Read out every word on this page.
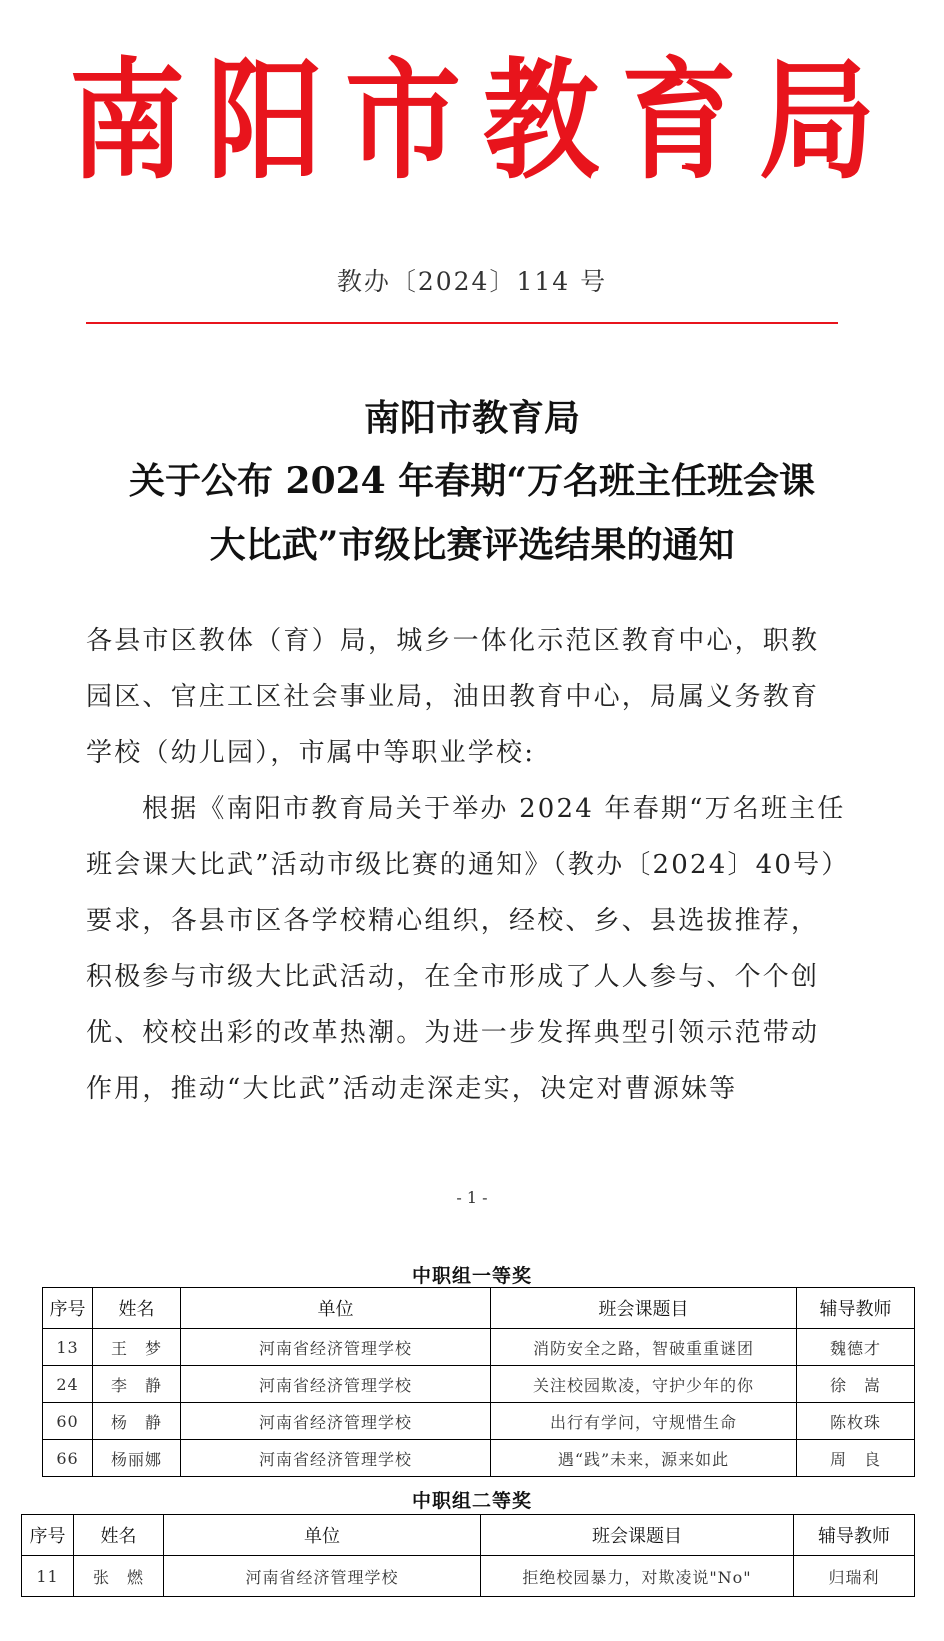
南 阳 市 教 育 局
教办〔2024〕114 号
南阳市教育局
关于公布 2024 年春期“万名班主任班会课
大比武”市级比赛评选结果的通知
各县市区教体（育）局，城乡一体化示范区教育中心，职教园区、官庄工区社会事业局，油田教育中心，局属义务教育学校（幼儿园），市属中等职业学校:
根据《南阳市教育局关于举办 2024 年春期“万名班主任班会课大比武”活动市级比赛的通知》（教办〔2024〕40号）要求，各县市区各学校精心组织，经校、乡、县选拔推荐，积极参与市级大比武活动，在全市形成了人人参与、个个创优、校校出彩的改革热潮。为进一步发挥典型引领示范带动作用，推动“大比武”活动走深走实，决定对曹源妹等
- 1 -
中职组一等奖
序号	姓名	单位	班会课题目	辅导教师
13	王　梦	河南省经济管理学校	消防安全之路，智破重重谜团	魏德才
24	李　静	河南省经济管理学校	关注校园欺凌，守护少年的你	徐　嵩
60	杨　静	河南省经济管理学校	出行有学问，守规惜生命	陈枚珠
66	杨丽娜	河南省经济管理学校	遇“践”未来，源来如此	周　良
中职组二等奖
序号	姓名	单位	班会课题目	辅导教师
11	张　燃	河南省经济管理学校	拒绝校园暴力，对欺凌说"No"	归瑞利
